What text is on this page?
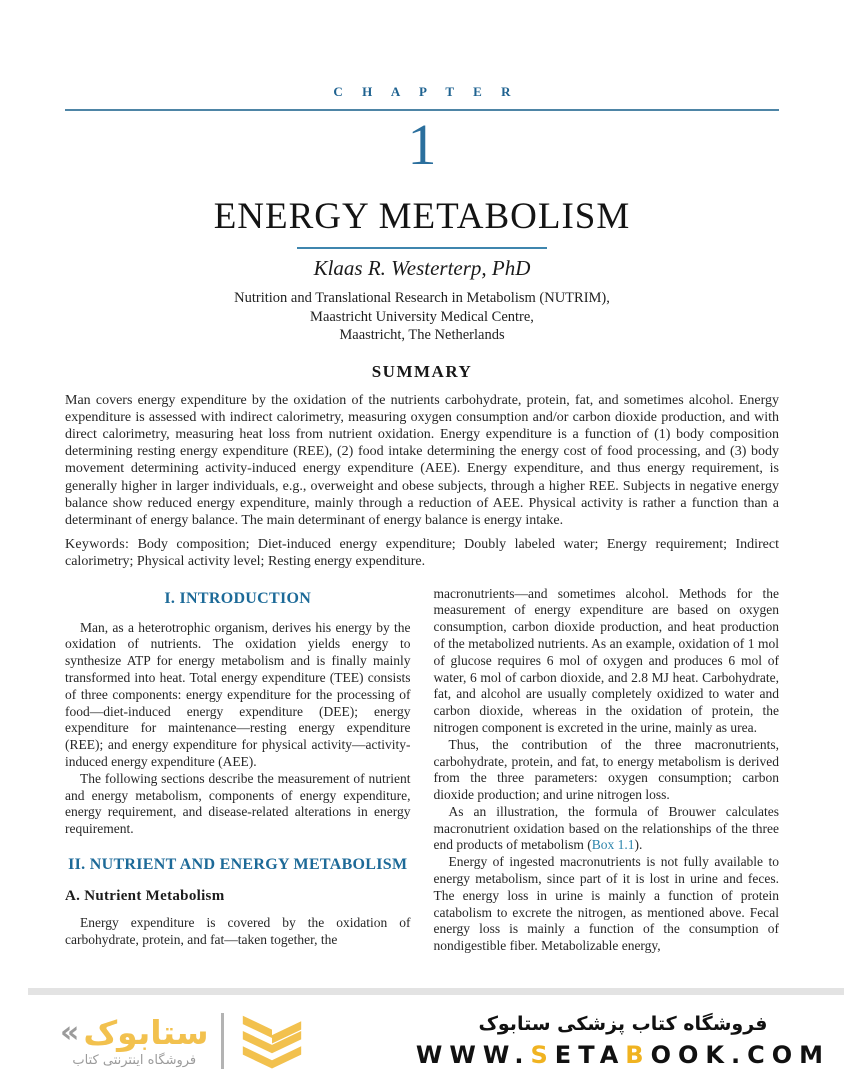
C H A P T E R
1
ENERGY METABOLISM
Klaas R. Westerterp, PhD
Nutrition and Translational Research in Metabolism (NUTRIM),
Maastricht University Medical Centre,
Maastricht, The Netherlands
SUMMARY

Man covers energy expenditure by the oxidation of the nutrients carbohydrate, protein, fat, and sometimes alcohol. Energy expenditure is assessed with indirect calorimetry, measuring oxygen consumption and/or carbon dioxide production, and with direct calorimetry, measuring heat loss from nutrient oxidation. Energy expenditure is a function of (1) body composition determining resting energy expenditure (REE), (2) food intake determining the energy cost of food processing, and (3) body movement determining activity-induced energy expenditure (AEE). Energy expenditure, and thus energy requirement, is generally higher in larger individuals, e.g., overweight and obese subjects, through a higher REE. Subjects in negative energy balance show reduced energy expenditure, mainly through a reduction of AEE. Physical activity is rather a function than a determinant of energy balance. The main determinant of energy balance is energy intake.

Keywords: Body composition; Diet-induced energy expenditure; Doubly labeled water; Energy requirement; Indirect calorimetry; Physical activity level; Resting energy expenditure.

I. INTRODUCTION

Man, as a heterotrophic organism, derives his energy by the oxidation of nutrients. The oxidation yields energy to synthesize ATP for energy metabolism and is finally mainly transformed into heat. Total energy expenditure (TEE) consists of three components: energy expenditure for the processing of food—diet-induced energy expenditure (DEE); energy expenditure for maintenance—resting energy expenditure (REE); and energy expenditure for physical activity—activity-induced energy expenditure (AEE).

The following sections describe the measurement of nutrient and energy metabolism, components of energy expenditure, energy requirement, and disease-related alterations in energy requirement.

II. NUTRIENT AND ENERGY METABOLISM
A. Nutrient Metabolism

Energy expenditure is covered by the oxidation of carbohydrate, protein, and fat—taken together, the

macronutrients—and sometimes alcohol. Methods for the measurement of energy expenditure are based on oxygen consumption, carbon dioxide production, and heat production of the metabolized nutrients. As an example, oxidation of 1 mol of glucose requires 6 mol of oxygen and produces 6 mol of water, 6 mol of carbon dioxide, and 2.8 MJ heat. Carbohydrate, fat, and alcohol are usually completely oxidized to water and carbon dioxide, whereas in the oxidation of protein, the nitrogen component is excreted in the urine, mainly as urea.

Thus, the contribution of the three macronutrients, carbohydrate, protein, and fat, to energy metabolism is derived from the three parameters: oxygen consumption; carbon dioxide production; and urine nitrogen loss.

As an illustration, the formula of Brouwer calculates macronutrient oxidation based on the relationships of the three end products of metabolism (Box 1.1).

Energy of ingested macronutrients is not fully available to energy metabolism, since part of it is lost in urine and feces. The energy loss in urine is mainly a function of protein catabolism to excrete the nitrogen, as mentioned above. Fecal energy loss is mainly a function of the consumption of nondigestible fiber. Metabolizable energy,

« ستابوک
فروشگاه اینترنتی کتاب
فروشگاه کتاب پزشکی ستابوک
WWW.SETABOOK.COM
